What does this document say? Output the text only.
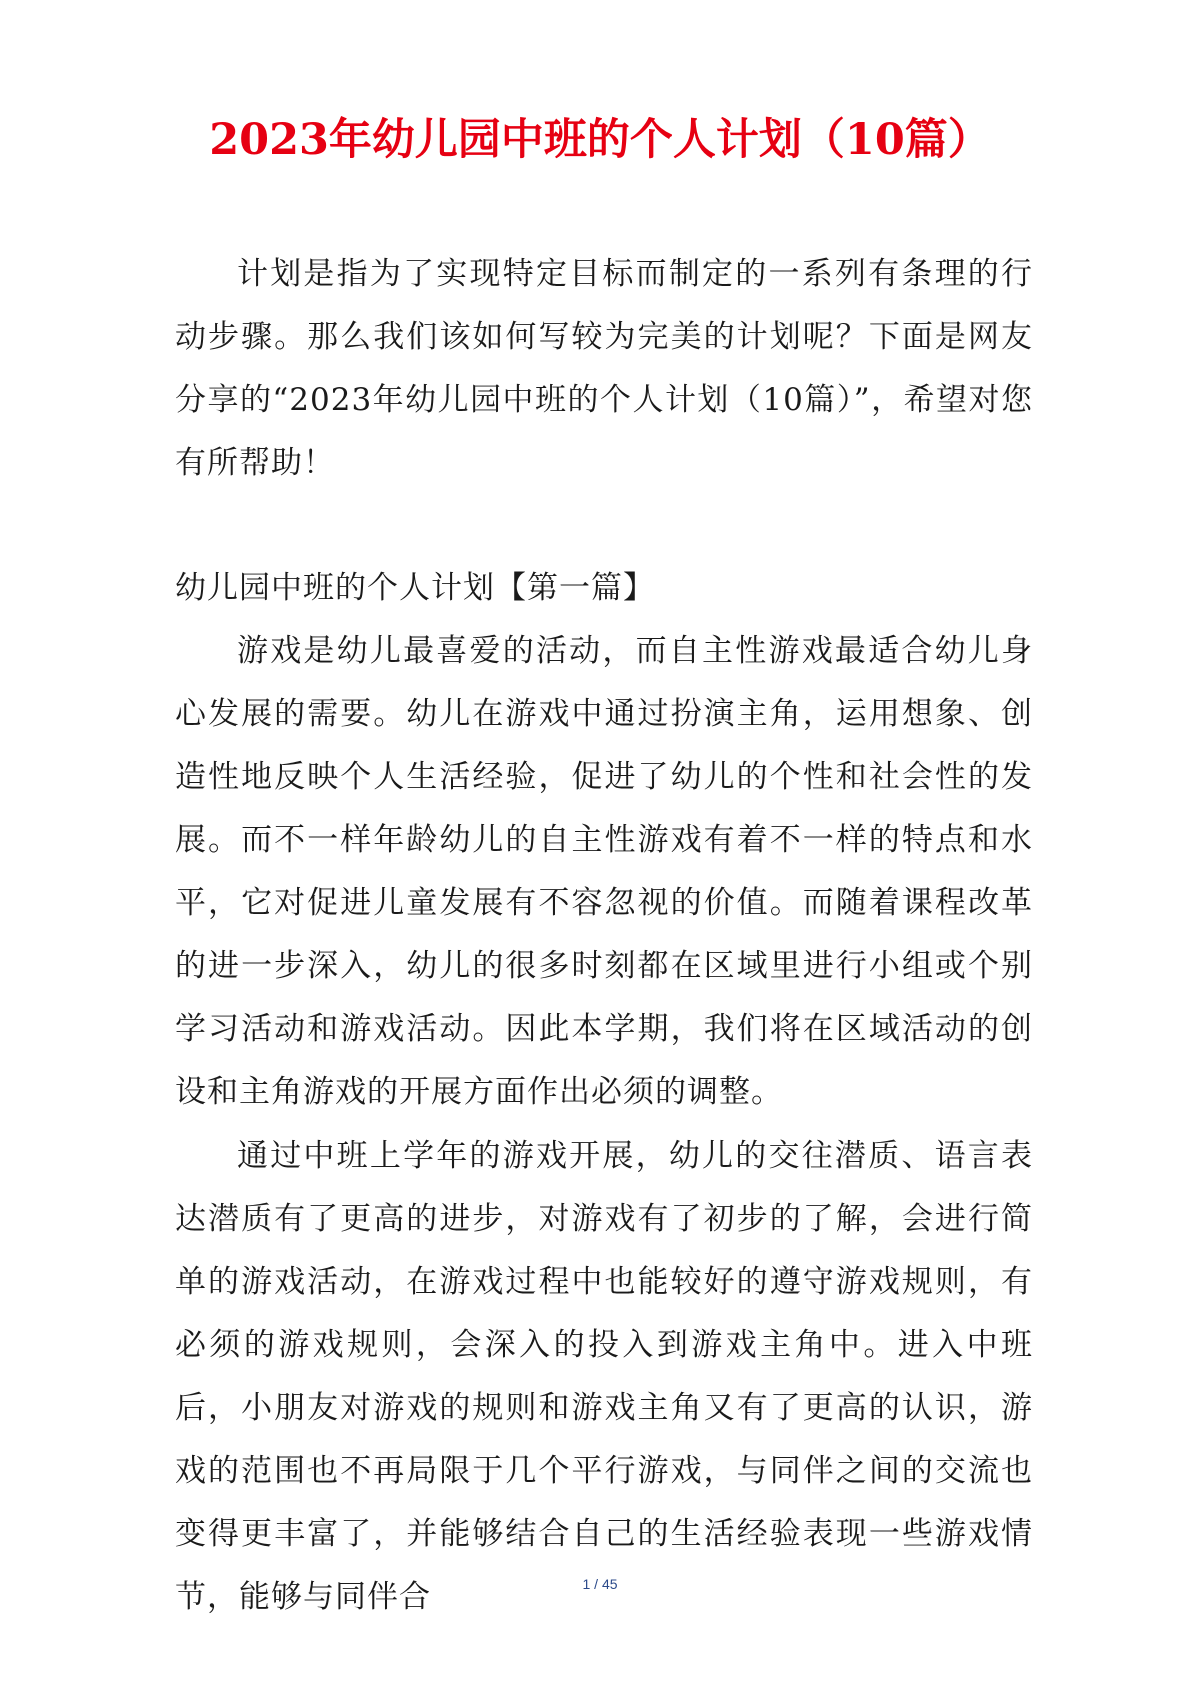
2023年幼儿园中班的个人计划（10篇）

计划是指为了实现特定目标而制定的一系列有条理的行动步骤。那么我们该如何写较为完美的计划呢？下面是网友分享的“2023年幼儿园中班的个人计划（10篇）”，希望对您有所帮助！

幼儿园中班的个人计划【第一篇】

游戏是幼儿最喜爱的活动，而自主性游戏最适合幼儿身心发展的需要。幼儿在游戏中通过扮演主角，运用想象、创造性地反映个人生活经验，促进了幼儿的个性和社会性的发展。而不一样年龄幼儿的自主性游戏有着不一样的特点和水平，它对促进儿童发展有不容忽视的价值。而随着课程改革的进一步深入，幼儿的很多时刻都在区域里进行小组或个别学习活动和游戏活动。因此本学期，我们将在区域活动的创设和主角游戏的开展方面作出必须的调整。

通过中班上学年的游戏开展，幼儿的交往潜质、语言表达潜质有了更高的进步，对游戏有了初步的了解，会进行简单的游戏活动，在游戏过程中也能较好的遵守游戏规则，有必须的游戏规则，会深入的投入到游戏主角中。进入中班后，小朋友对游戏的规则和游戏主角又有了更高的认识，游戏的范围也不再局限于几个平行游戏，与同伴之间的交流也变得更丰富了，并能够结合自己的生活经验表现一些游戏情节，能够与同伴合	1 / 45
